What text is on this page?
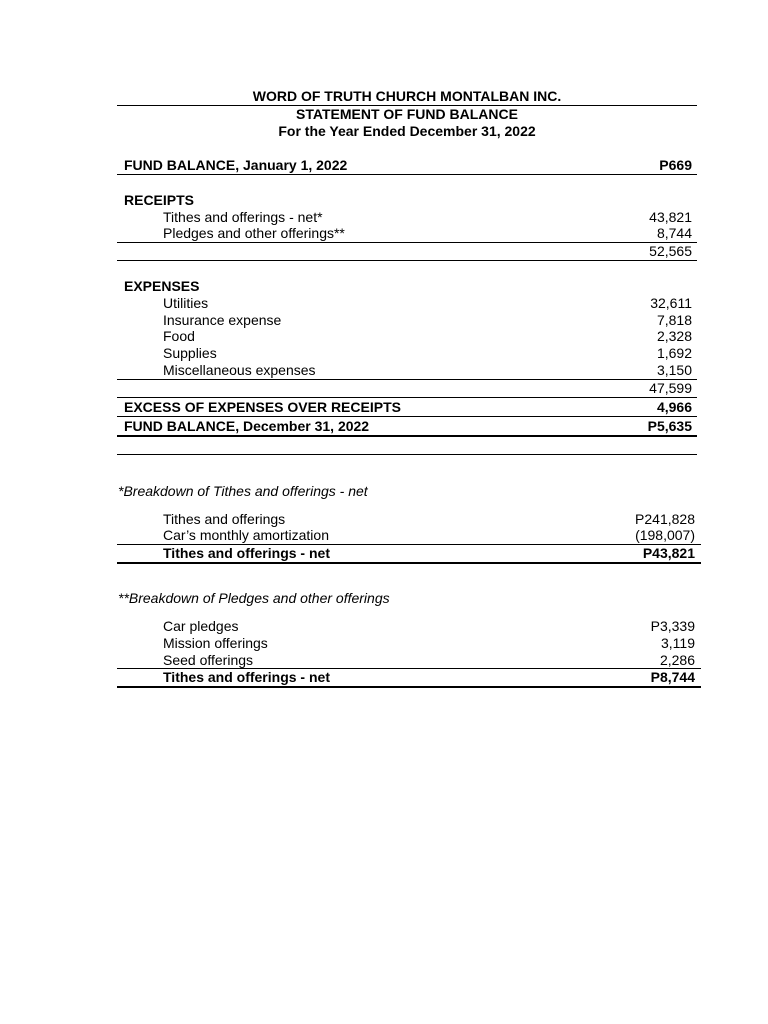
WORD OF TRUTH CHURCH MONTALBAN INC.
STATEMENT OF FUND BALANCE
For the Year Ended December 31, 2022
FUND BALANCE, January 1, 2022	P669
RECEIPTS
Tithes and offerings - net*	43,821
Pledges and other offerings**	8,744
52,565
EXPENSES
Utilities	32,611
Insurance expense	7,818
Food	2,328
Supplies	1,692
Miscellaneous expenses	3,150
47,599
EXCESS OF EXPENSES OVER RECEIPTS	4,966
FUND BALANCE, December 31, 2022	P5,635
*Breakdown of Tithes and offerings - net
Tithes and offerings	P241,828
Car’s monthly amortization	(198,007)
Tithes and offerings - net	P43,821
**Breakdown of Pledges and other offerings
Car pledges	P3,339
Mission offerings	3,119
Seed offerings	2,286
Tithes and offerings - net	P8,744
